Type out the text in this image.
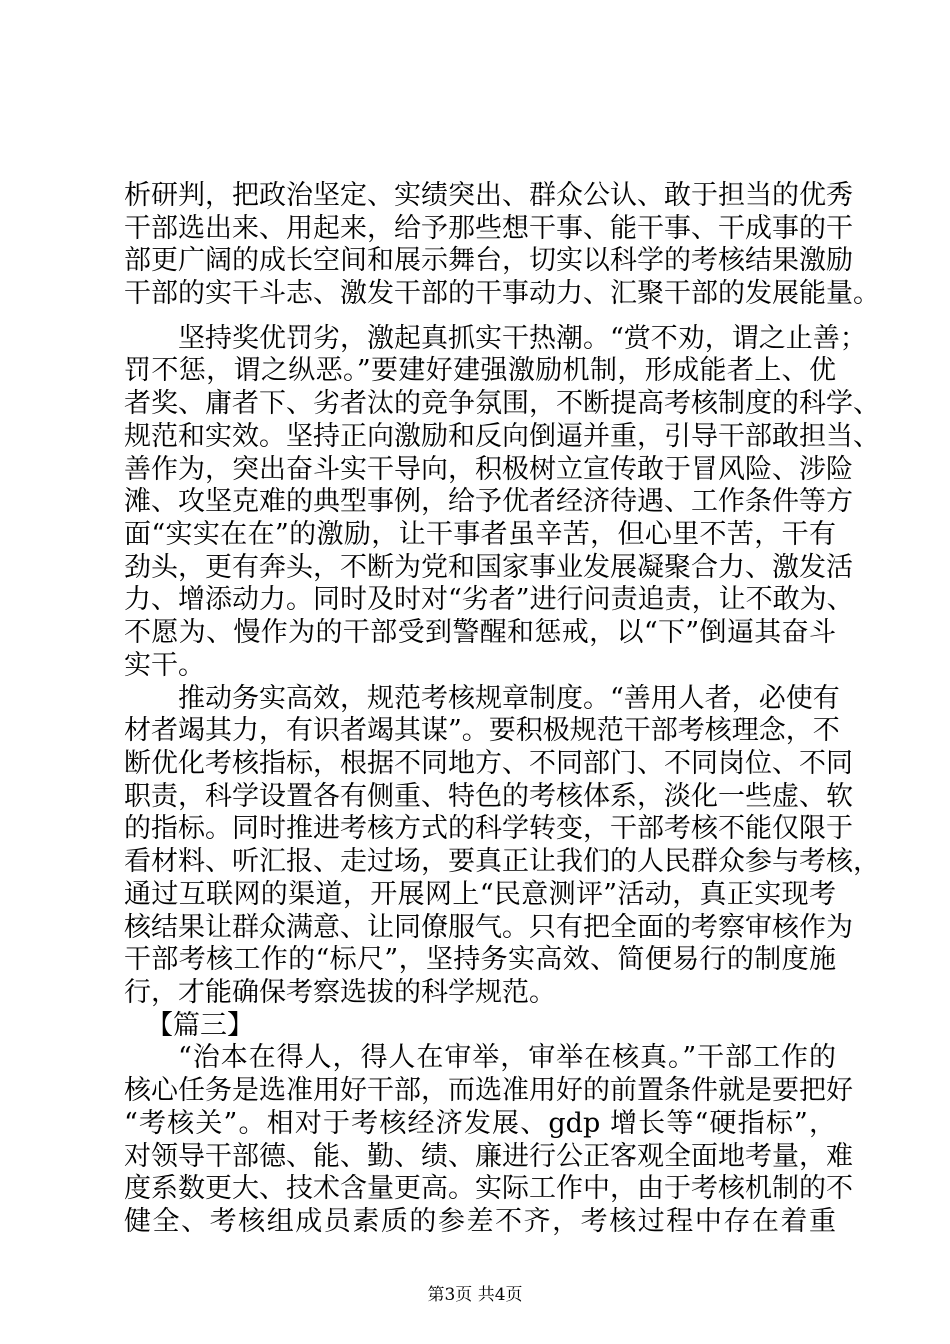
析研判，把政治坚定、实绩突出、群众公认、敢于担当的优秀
干部选出来、用起来，给予那些想干事、能干事、干成事的干
部更广阔的成长空间和展示舞台，切实以科学的考核结果激励
干部的实干斗志、激发干部的干事动力、汇聚干部的发展能量。
坚持奖优罚劣，激起真抓实干热潮。“赏不劝，谓之止善；
罚不惩，谓之纵恶。”要建好建强激励机制，形成能者上、优
者奖、庸者下、劣者汰的竞争氛围，不断提高考核制度的科学、
规范和实效。坚持正向激励和反向倒逼并重，引导干部敢担当、
善作为，突出奋斗实干导向，积极树立宣传敢于冒风险、涉险
滩、攻坚克难的典型事例，给予优者经济待遇、工作条件等方
面“实实在在”的激励，让干事者虽辛苦，但心里不苦，干有
劲头，更有奔头，不断为党和国家事业发展凝聚合力、激发活
力、增添动力。同时及时对“劣者”进行问责追责，让不敢为、
不愿为、慢作为的干部受到警醒和惩戒，以“下”倒逼其奋斗
实干。
推动务实高效，规范考核规章制度。“善用人者，必使有
材者竭其力，有识者竭其谋”。要积极规范干部考核理念，不
断优化考核指标，根据不同地方、不同部门、不同岗位、不同
职责，科学设置各有侧重、特色的考核体系，淡化一些虚、软
的指标。同时推进考核方式的科学转变，干部考核不能仅限于
看材料、听汇报、走过场，要真正让我们的人民群众参与考核，
通过互联网的渠道，开展网上“民意测评”活动，真正实现考
核结果让群众满意、让同僚服气。只有把全面的考察审核作为
干部考核工作的“标尺”，坚持务实高效、简便易行的制度施
行，才能确保考察选拔的科学规范。
【篇三】
“治本在得人，得人在审举，审举在核真。”干部工作的
核心任务是选准用好干部，而选准用好的前置条件就是要把好
“考核关”。相对于考核经济发展、gdp 增长等“硬指标”，
对领导干部德、能、勤、绩、廉进行公正客观全面地考量，难
度系数更大、技术含量更高。实际工作中，由于考核机制的不
健全、考核组成员素质的参差不齐，考核过程中存在着重
第3页 共4页
